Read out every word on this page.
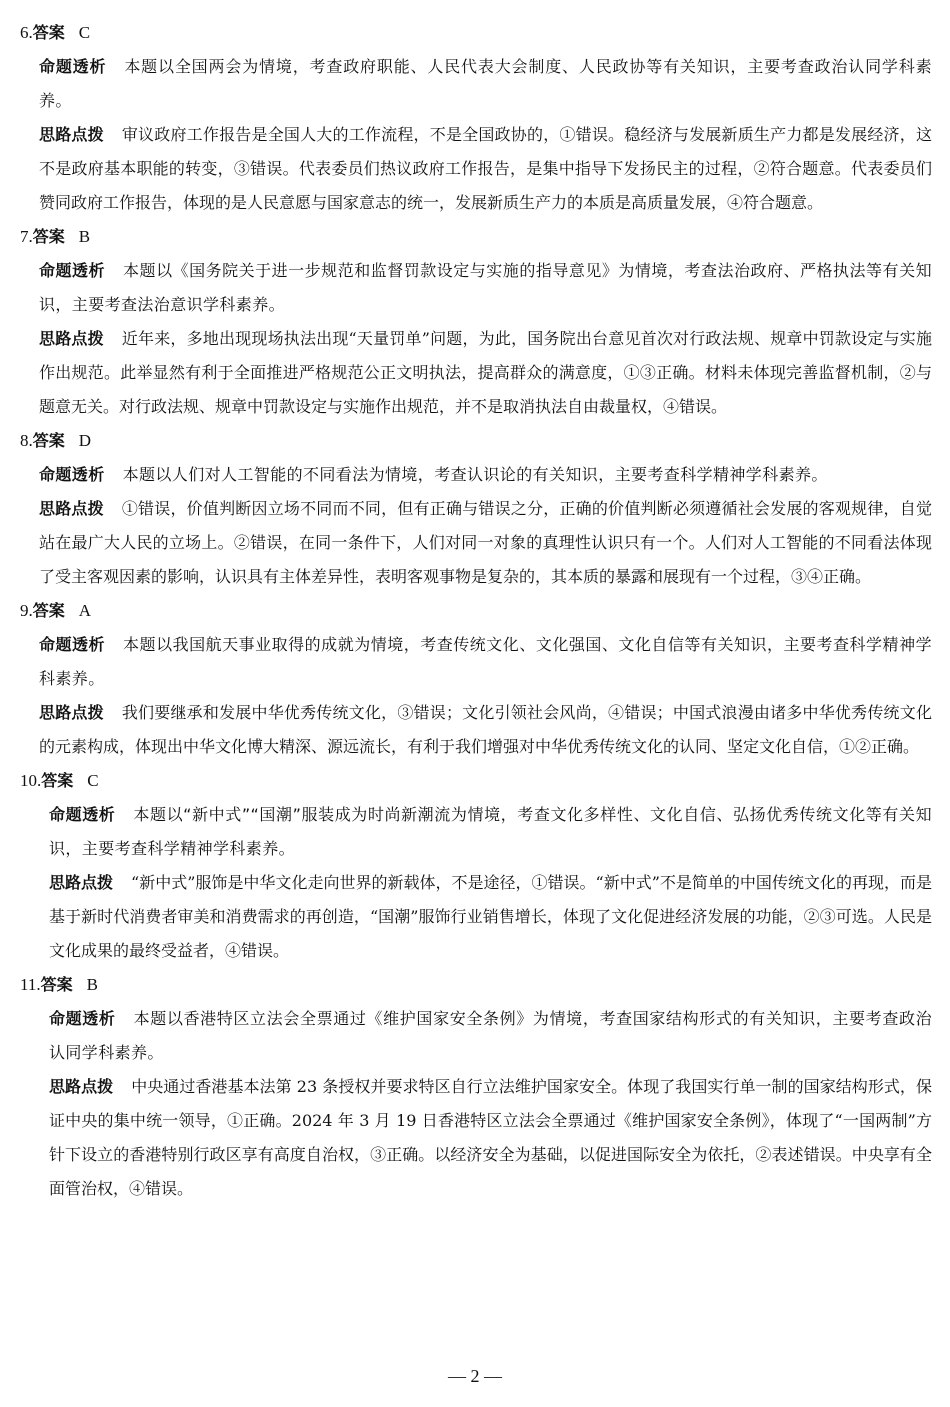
6.答案 C

命题透析 本题以全国两会为情境，考查政府职能、人民代表大会制度、人民政协等有关知识，主要考查政治认同学科素养。

思路点拨 审议政府工作报告是全国人大的工作流程，不是全国政协的，①错误。稳经济与发展新质生产力都是发展经济，这不是政府基本职能的转变，③错误。代表委员们热议政府工作报告，是集中指导下发扬民主的过程，②符合题意。代表委员们赞同政府工作报告，体现的是人民意愿与国家意志的统一，发展新质生产力的本质是高质量发展，④符合题意。

7.答案 B

命题透析 本题以《国务院关于进一步规范和监督罚款设定与实施的指导意见》为情境，考查法治政府、严格执法等有关知识，主要考查法治意识学科素养。

思路点拨 近年来，多地出现现场执法出现“天量罚单”问题，为此，国务院出台意见首次对行政法规、规章中罚款设定与实施作出规范。此举显然有利于全面推进严格规范公正文明执法，提高群众的满意度，①③正确。材料未体现完善监督机制，②与题意无关。对行政法规、规章中罚款设定与实施作出规范，并不是取消执法自由裁量权，④错误。

8.答案 D

命题透析 本题以人们对人工智能的不同看法为情境，考查认识论的有关知识，主要考查科学精神学科素养。

思路点拨 ①错误，价值判断因立场不同而不同，但有正确与错误之分，正确的价值判断必须遵循社会发展的客观规律，自觉站在最广大人民的立场上。②错误，在同一条件下，人们对同一对象的真理性认识只有一个。人们对人工智能的不同看法体现了受主客观因素的影响，认识具有主体差异性，表明客观事物是复杂的，其本质的暴露和展现有一个过程，③④正确。

9.答案 A

命题透析 本题以我国航天事业取得的成就为情境，考查传统文化、文化强国、文化自信等有关知识，主要考查科学精神学科素养。

思路点拨 我们要继承和发展中华优秀传统文化，③错误；文化引领社会风尚，④错误；中国式浪漫由诸多中华优秀传统文化的元素构成，体现出中华文化博大精深、源远流长，有利于我们增强对中华优秀传统文化的认同、坚定文化自信，①②正确。

10.答案 C

命题透析 本题以“新中式”“国潮”服装成为时尚新潮流为情境，考查文化多样性、文化自信、弘扬优秀传统文化等有关知识，主要考查科学精神学科素养。

思路点拨 “新中式”服饰是中华文化走向世界的新载体，不是途径，①错误。“新中式”不是简单的中国传统文化的再现，而是基于新时代消费者审美和消费需求的再创造，“国潮”服饰行业销售增长，体现了文化促进经济发展的功能，②③可选。人民是文化成果的最终受益者，④错误。

11.答案 B

命题透析 本题以香港特区立法会全票通过《维护国家安全条例》为情境，考查国家结构形式的有关知识，主要考查政治认同学科素养。

思路点拨 中央通过香港基本法第 23 条授权并要求特区自行立法维护国家安全。体现了我国实行单一制的国家结构形式，保证中央的集中统一领导，①正确。2024 年 3 月 19 日香港特区立法会全票通过《维护国家安全条例》，体现了“一国两制”方针下设立的香港特别行政区享有高度自治权，③正确。以经济安全为基础，以促进国际安全为依托，②表述错误。中央享有全面管治权，④错误。

— 2 —
